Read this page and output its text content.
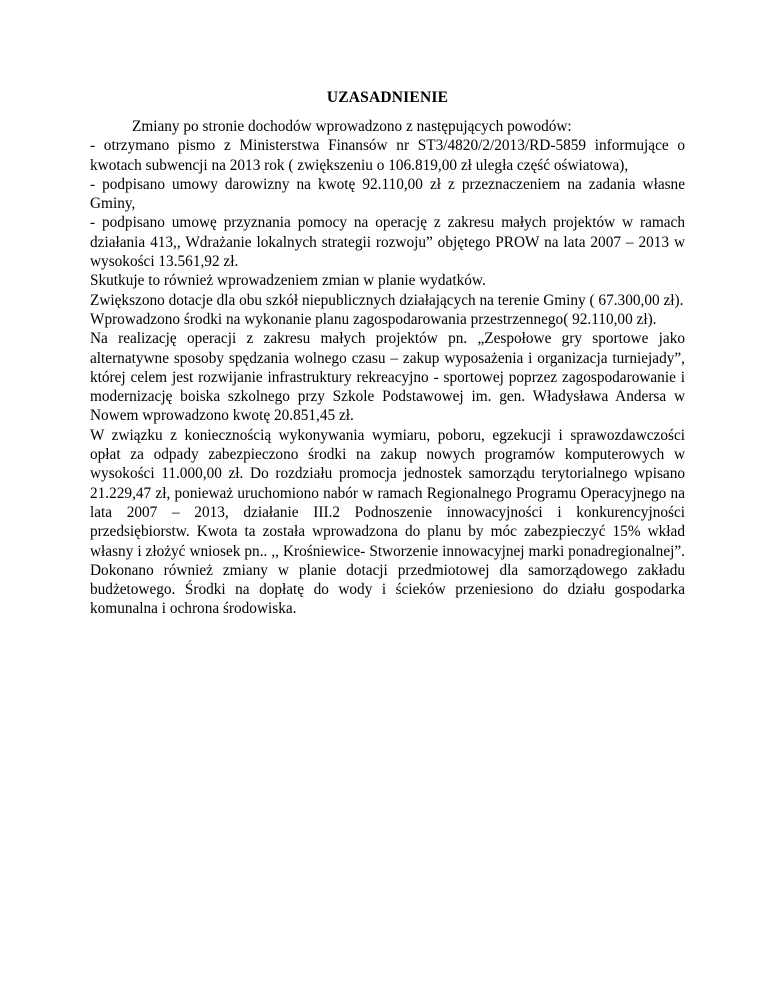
UZASADNIENIE

Zmiany po stronie dochodów wprowadzono z następujących powodów:

- otrzymano pismo z Ministerstwa Finansów nr ST3/4820/2/2013/RD-5859 informujące o kwotach subwencji na 2013 rok ( zwiększeniu o 106.819,00 zł uległa część oświatowa),

- podpisano umowy darowizny na kwotę 92.110,00 zł z przeznaczeniem na zadania własne Gminy,

- podpisano umowę przyznania pomocy na operację z zakresu małych projektów w ramach działania 413,, Wdrażanie lokalnych strategii rozwoju” objętego PROW na lata 2007 – 2013 w wysokości 13.561,92 zł.

Skutkuje to również wprowadzeniem zmian w planie wydatków.

Zwiększono dotacje dla obu szkół niepublicznych działających na terenie Gminy ( 67.300,00 zł).

Wprowadzono środki na wykonanie planu zagospodarowania przestrzennego( 92.110,00 zł).

Na realizację operacji z zakresu małych projektów pn. „Zespołowe gry sportowe jako alternatywne sposoby spędzania wolnego czasu – zakup wyposażenia i organizacja turniejady”, której celem jest rozwijanie infrastruktury rekreacyjno - sportowej poprzez zagospodarowanie i modernizację boiska szkolnego przy Szkole Podstawowej im. gen. Władysława Andersa w Nowem wprowadzono kwotę 20.851,45 zł.

W związku z koniecznością wykonywania wymiaru, poboru, egzekucji i sprawozdawczości opłat za odpady zabezpieczono środki na zakup nowych programów komputerowych w wysokości 11.000,00 zł. Do rozdziału promocja jednostek samorządu terytorialnego wpisano 21.229,47 zł, ponieważ uruchomiono nabór w ramach Regionalnego Programu Operacyjnego na lata 2007 – 2013, działanie III.2 Podnoszenie innowacyjności i konkurencyjności przedsiębiorstw. Kwota ta została wprowadzona do planu by móc zabezpieczyć 15% wkład własny i złożyć wniosek pn.. ,, Krośniewice- Stworzenie innowacyjnej marki ponadregionalnej”. Dokonano również zmiany w planie dotacji przedmiotowej dla samorządowego zakładu budżetowego. Środki na dopłatę do wody i ścieków przeniesiono do działu gospodarka komunalna i ochrona środowiska.
